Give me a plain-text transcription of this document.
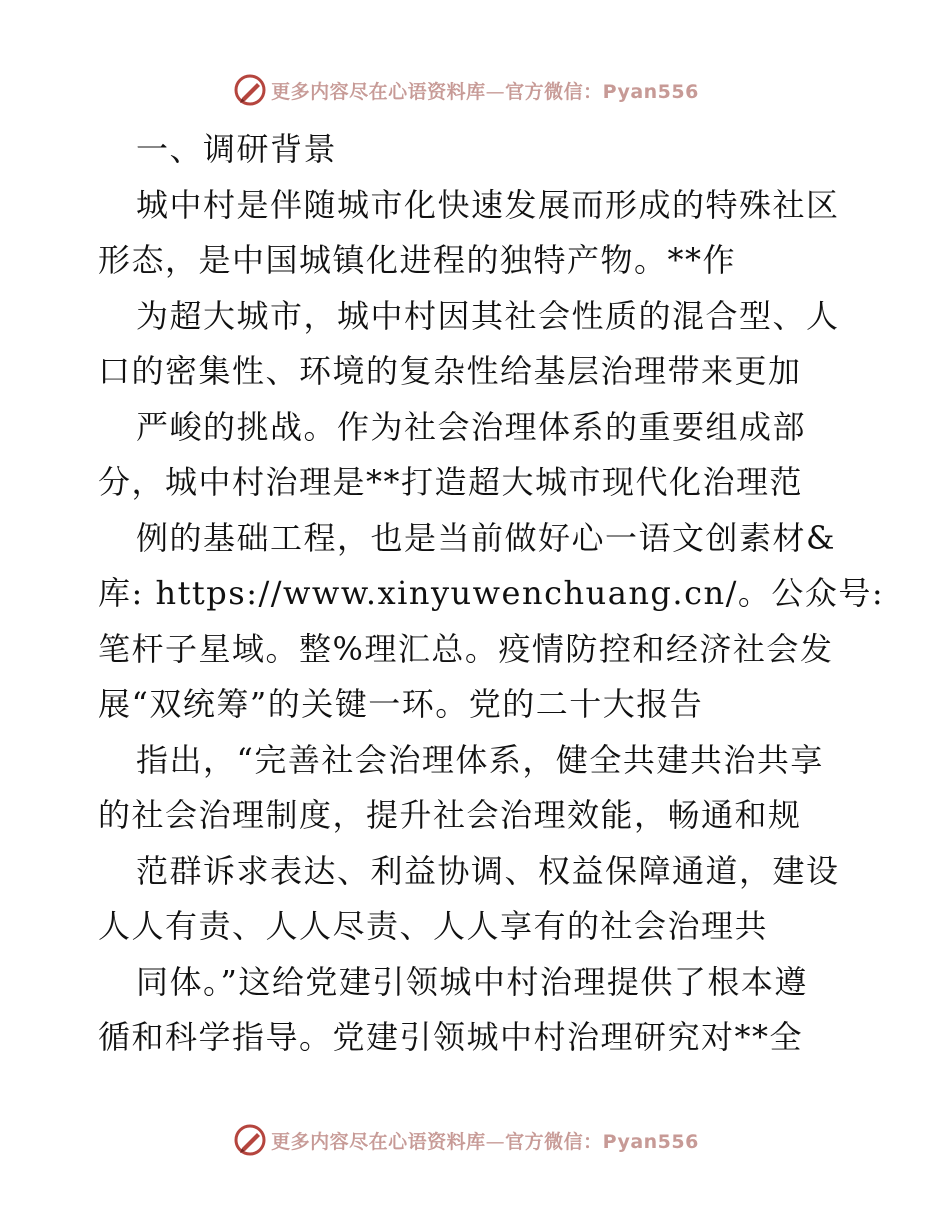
更多内容尽在心语资料库—官方微信：Pyan556
一、调研背景
城中村是伴随城市化快速发展而形成的特殊社区
形态，是中国城镇化进程的独特产物。**作
为超大城市，城中村因其社会性质的混合型、人
口的密集性、环境的复杂性给基层治理带来更加
严峻的挑战。作为社会治理体系的重要组成部
分，城中村治理是**打造超大城市现代化治理范
例的基础工程，也是当前做好心一语文创素材&
库: https://www.xinyuwenchuang.cn/。公众号:
笔杆子星域。整%理汇总。疫情防控和经济社会发
展“双统筹”的关键一环。党的二十大报告
指出，“完善社会治理体系，健全共建共治共享
的社会治理制度，提升社会治理效能，畅通和规
范群诉求表达、利益协调、权益保障通道，建设
人人有责、人人尽责、人人享有的社会治理共
同体。”这给党建引领城中村治理提供了根本遵
循和科学指导。党建引领城中村治理研究对**全
更多内容尽在心语资料库—官方微信：Pyan556
